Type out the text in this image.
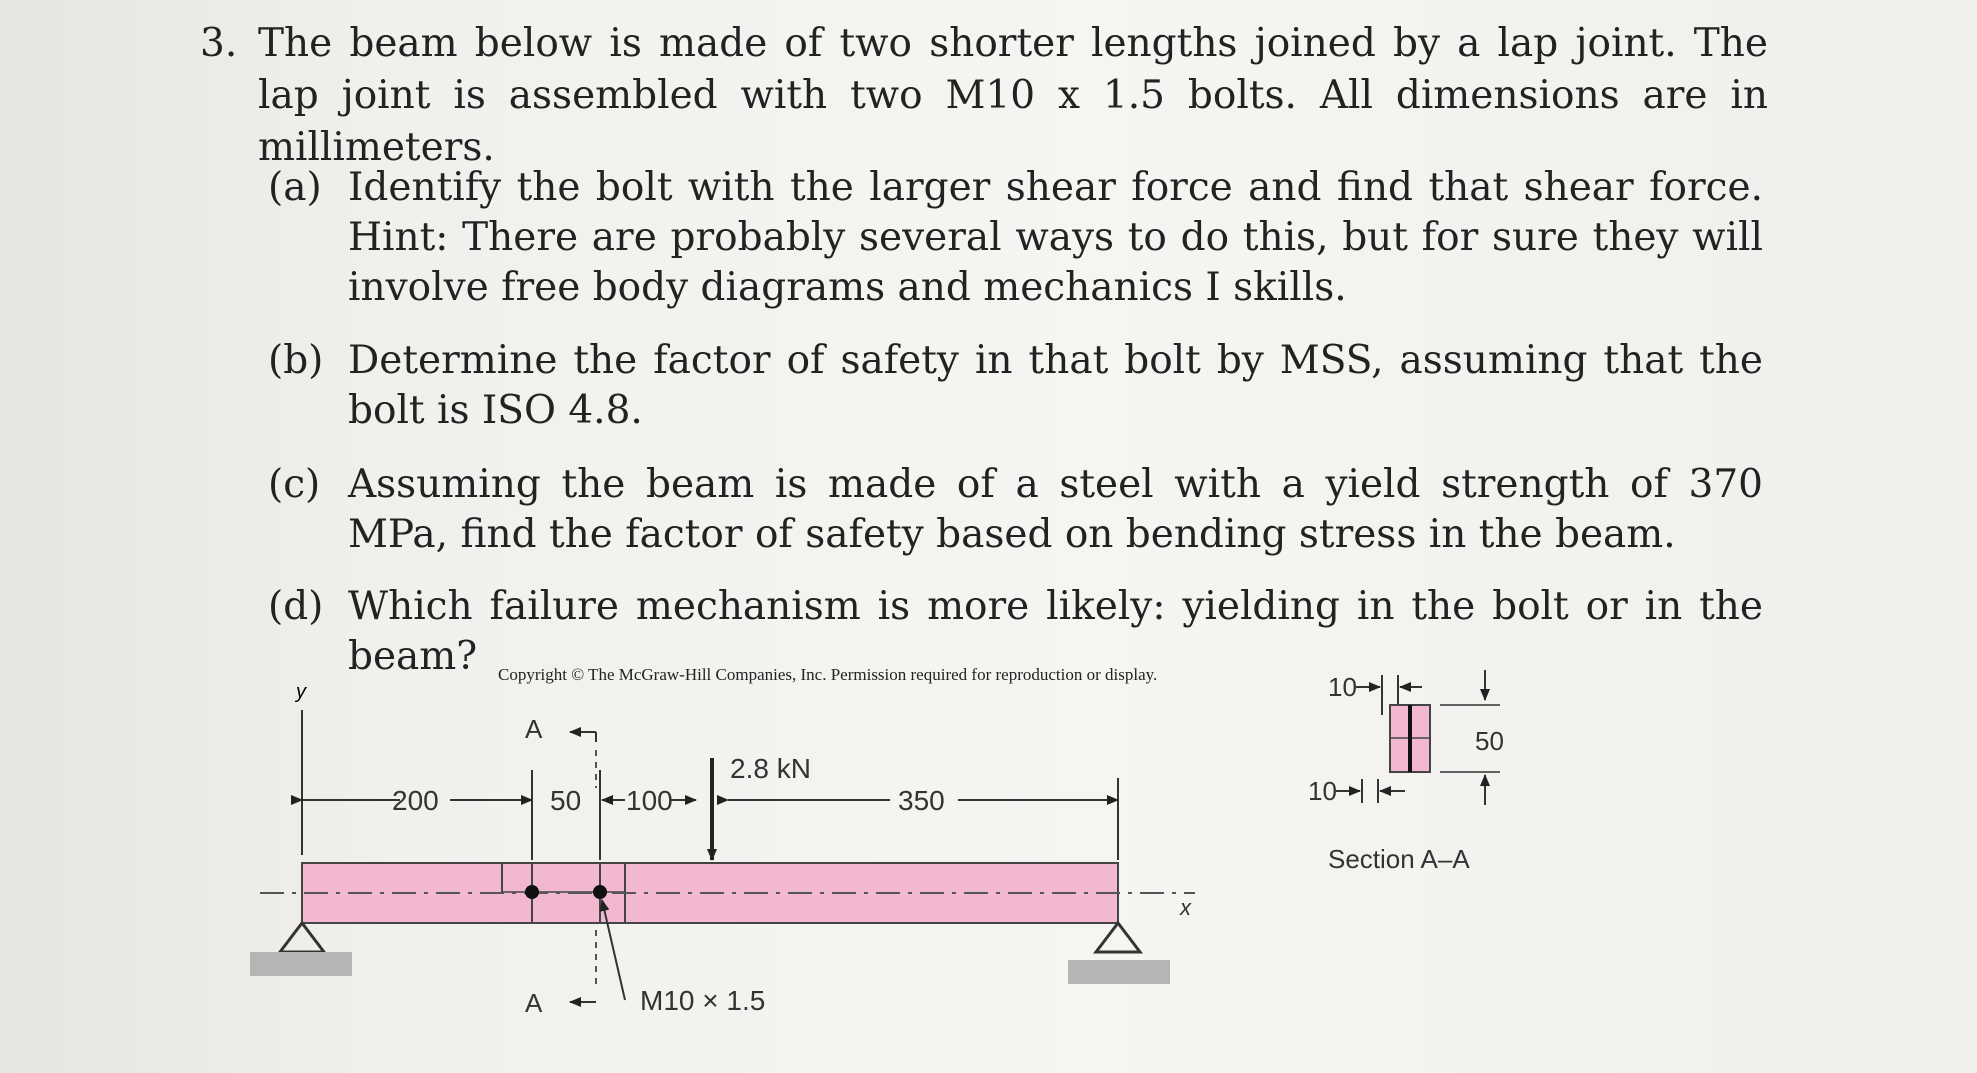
3. The beam below is made of two shorter lengths joined by a lap joint. The lap joint is assembled with two M10 x 1.5 bolts. All dimensions are in millimeters.
(a) Identify the bolt with the larger shear force and find that shear force. Hint: There are probably several ways to do this, but for sure they will involve free body diagrams and mechanics I skills.
(b) Determine the factor of safety in that bolt by MSS, assuming that the bolt is ISO 4.8.
(c) Assuming the beam is made of a steel with a yield strength of 370 MPa, find the factor of safety based on bending stress in the beam.
(d) Which failure mechanism is more likely: yielding in the bolt or in the beam?	Copyright © The McGraw-Hill Companies, Inc. Permission required for reproduction or display.
y
200	50 100
2.8 kN
350
A
x
M10 × 1.5
A
10
50
10
Section A–A
